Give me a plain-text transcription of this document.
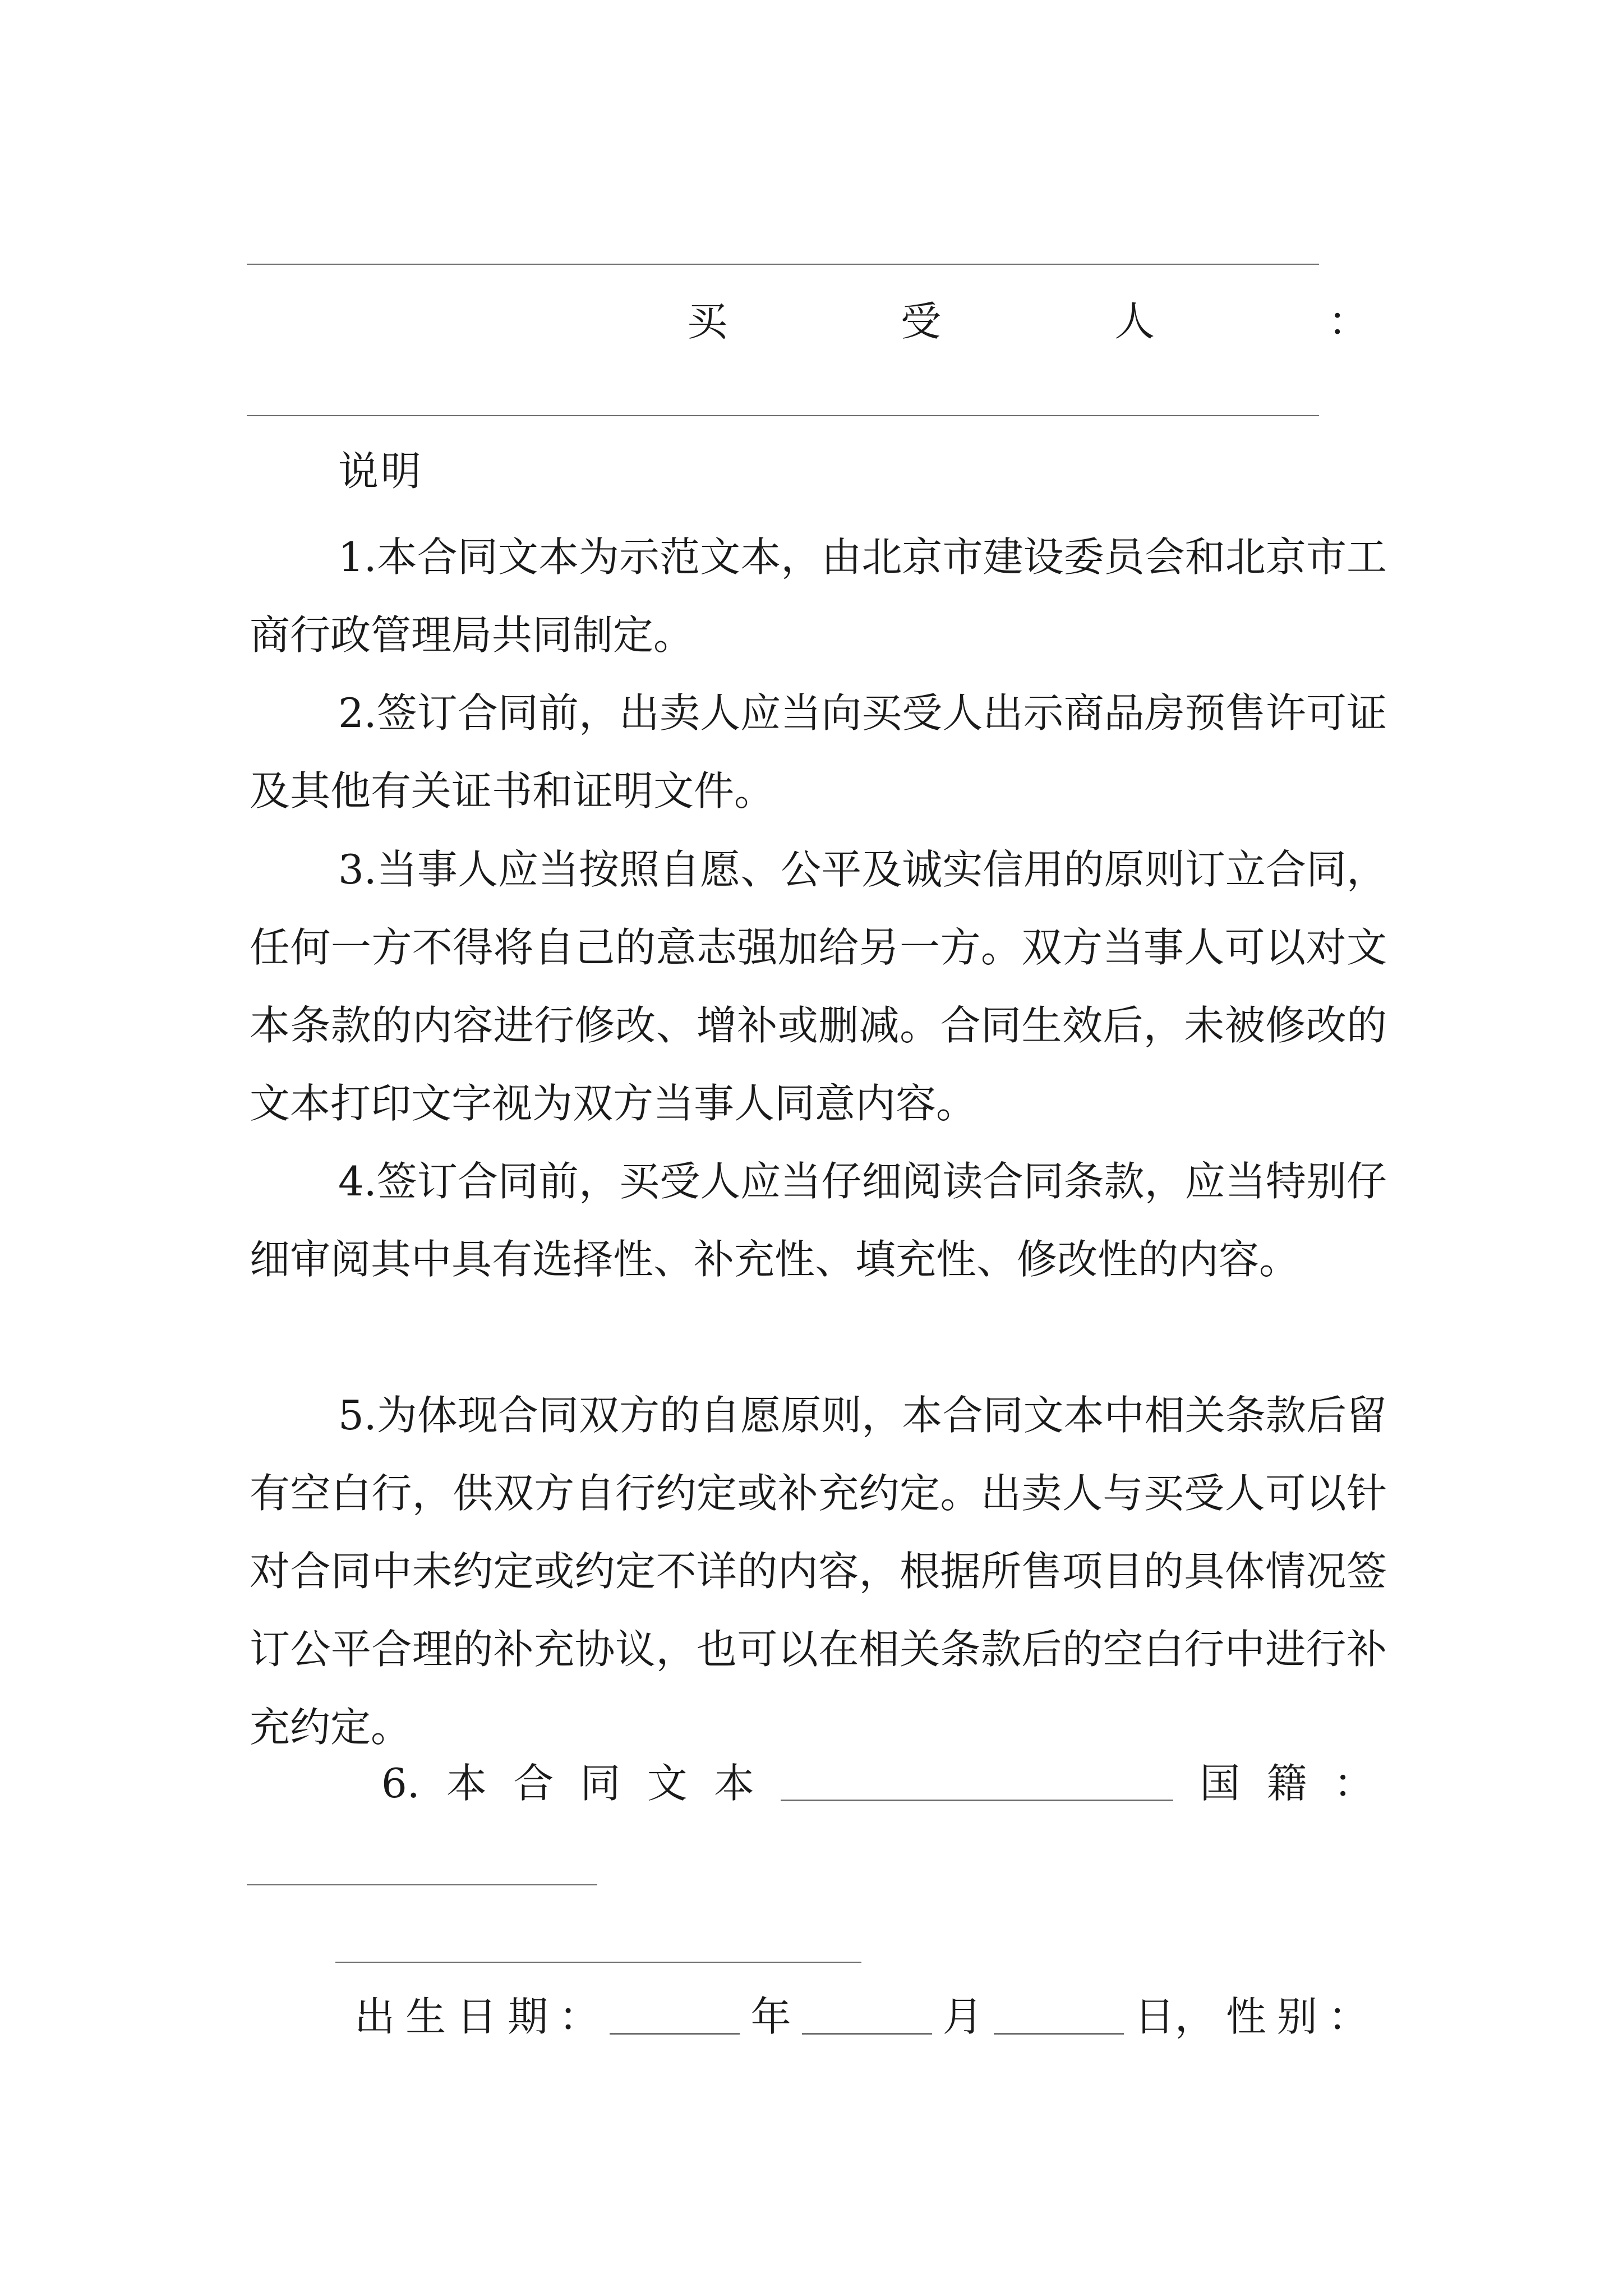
买	受	人	：
说明

1.本合同文本为示范文本，由北京市建设委员会和北京市工商行政管理局共同制定。

2.签订合同前，出卖人应当向买受人出示商品房预售许可证及其他有关证书和证明文件。

3.当事人应当按照自愿、公平及诚实信用的原则订立合同，任何一方不得将自己的意志强加给另一方。双方当事人可以对文本条款的内容进行修改、增补或删减。合同生效后，未被修改的文本打印文字视为双方当事人同意内容。

4.签订合同前，买受人应当仔细阅读合同条款，应当特别仔细审阅其中具有选择性、补充性、填充性、修改性的内容。

5.为体现合同双方的自愿原则，本合同文本中相关条款后留有空白行，供双方自行约定或补充约定。出卖人与买受人可以针对合同中未约定或约定不详的内容，根据所售项目的具体情况签订公平合理的补充协议，也可以在相关条款后的空白行中进行补充约定。

6. 本 合 同 文 本	国 籍 ：
出 生 日 期 ：	年	月	日， 性 别 ：
